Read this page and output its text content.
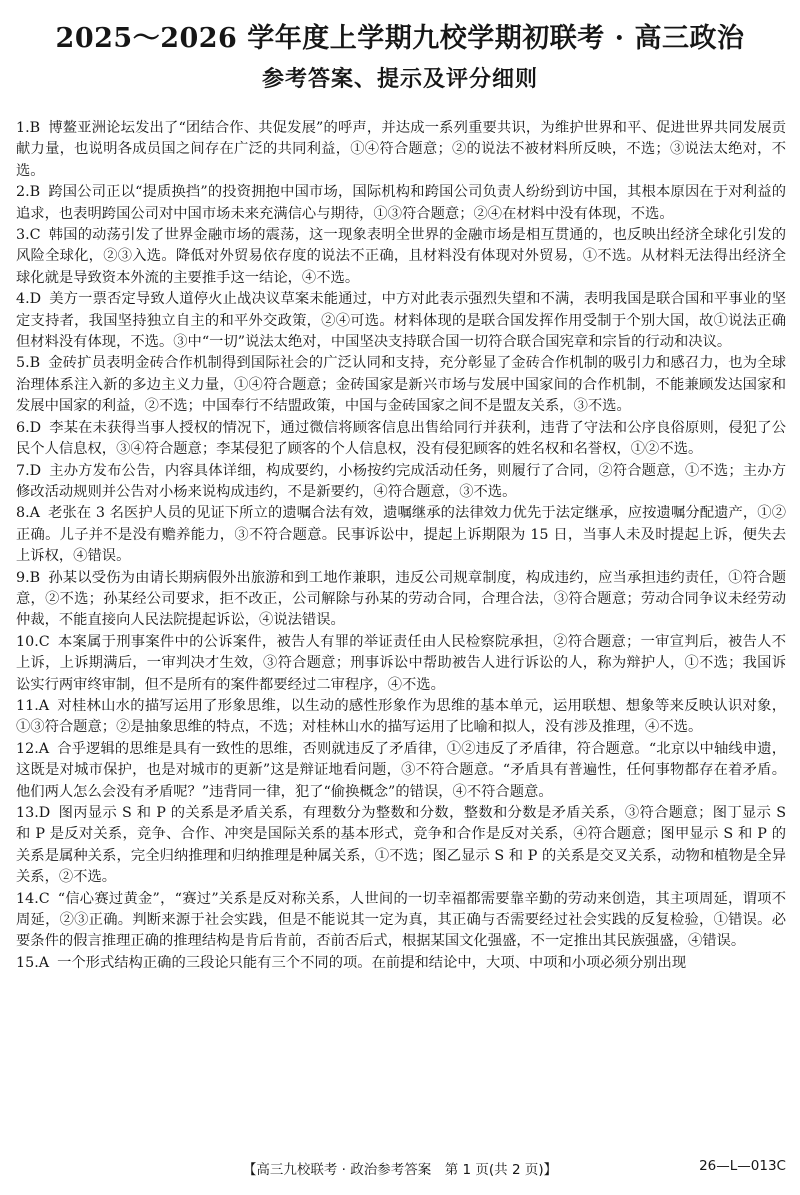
2025～2026 学年度上学期九校学期初联考 · 高三政治
参考答案、提示及评分细则

1.B 博鳌亚洲论坛发出了“团结合作、共促发展”的呼声，并达成一系列重要共识，为维护世界和平、促进世界共同发展贡献力量，也说明各成员国之间存在广泛的共同利益，①④符合题意；②的说法不被材料所反映，不选；③说法太绝对，不选。

2.B 跨国公司正以“提质换挡”的投资拥抱中国市场，国际机构和跨国公司负责人纷纷到访中国，其根本原因在于对利益的追求，也表明跨国公司对中国市场未来充满信心与期待，①③符合题意；②④在材料中没有体现，不选。

3.C 韩国的动荡引发了世界金融市场的震荡，这一现象表明全世界的金融市场是相互贯通的，也反映出经济全球化引发的风险全球化，②③入选。降低对外贸易依存度的说法不正确，且材料没有体现对外贸易，①不选。从材料无法得出经济全球化就是导致资本外流的主要推手这一结论，④不选。

4.D 美方一票否定导致人道停火止战决议草案未能通过，中方对此表示强烈失望和不满，表明我国是联合国和平事业的坚定支持者，我国坚持独立自主的和平外交政策，②④可选。材料体现的是联合国发挥作用受制于个别大国，故①说法正确但材料没有体现，不选。③中“一切”说法太绝对，中国坚决支持联合国一切符合联合国宪章和宗旨的行动和决议。

5.B 金砖扩员表明金砖合作机制得到国际社会的广泛认同和支持，充分彰显了金砖合作机制的吸引力和感召力，也为全球治理体系注入新的多边主义力量，①④符合题意；金砖国家是新兴市场与发展中国家间的合作机制，不能兼顾发达国家和发展中国家的利益，②不选；中国奉行不结盟政策，中国与金砖国家之间不是盟友关系，③不选。

6.D 李某在未获得当事人授权的情况下，通过微信将顾客信息出售给同行并获利，违背了守法和公序良俗原则，侵犯了公民个人信息权，③④符合题意；李某侵犯了顾客的个人信息权，没有侵犯顾客的姓名权和名誉权，①②不选。

7.D 主办方发布公告，内容具体详细，构成要约，小杨按约完成活动任务，则履行了合同，②符合题意，①不选；主办方修改活动规则并公告对小杨来说构成违约，不是新要约，④符合题意，③不选。

8.A 老张在 3 名医护人员的见证下所立的遗嘱合法有效，遗嘱继承的法律效力优先于法定继承，应按遗嘱分配遗产，①②正确。儿子并不是没有赡养能力，③不符合题意。民事诉讼中，提起上诉期限为 15 日，当事人未及时提起上诉，便失去上诉权，④错误。

9.B 孙某以受伤为由请长期病假外出旅游和到工地作兼职，违反公司规章制度，构成违约，应当承担违约责任，①符合题意，②不选；孙某经公司要求，拒不改正，公司解除与孙某的劳动合同，合理合法，③符合题意；劳动合同争议未经劳动仲裁，不能直接向人民法院提起诉讼，④说法错误。

10.C 本案属于刑事案件中的公诉案件，被告人有罪的举证责任由人民检察院承担，②符合题意；一审宣判后，被告人不上诉，上诉期满后，一审判决才生效，③符合题意；刑事诉讼中帮助被告人进行诉讼的人，称为辩护人，①不选；我国诉讼实行两审终审制，但不是所有的案件都要经过二审程序，④不选。

11.A 对桂林山水的描写运用了形象思维，以生动的感性形象作为思维的基本单元，运用联想、想象等来反映认识对象，①③符合题意；②是抽象思维的特点，不选；对桂林山水的描写运用了比喻和拟人，没有涉及推理，④不选。

12.A 合乎逻辑的思维是具有一致性的思维，否则就违反了矛盾律，①②违反了矛盾律，符合题意。“北京以中轴线申遗，这既是对城市保护，也是对城市的更新”这是辩证地看问题，③不符合题意。“矛盾具有普遍性，任何事物都存在着矛盾。他们两人怎么会没有矛盾呢？”违背同一律，犯了“偷换概念”的错误，④不符合题意。

13.D 图丙显示 S 和 P 的关系是矛盾关系，有理数分为整数和分数，整数和分数是矛盾关系，③符合题意；图丁显示 S 和 P 是反对关系，竞争、合作、冲突是国际关系的基本形式，竞争和合作是反对关系，④符合题意；图甲显示 S 和 P 的关系是属种关系，完全归纳推理和归纳推理是种属关系，①不选；图乙显示 S 和 P 的关系是交叉关系，动物和植物是全异关系，②不选。

14.C “信心赛过黄金”，“赛过”关系是反对称关系，人世间的一切幸福都需要靠辛勤的劳动来创造，其主项周延，谓项不周延，②③正确。判断来源于社会实践，但是不能说其一定为真，其正确与否需要经过社会实践的反复检验，①错误。必要条件的假言推理正确的推理结构是肯后肯前，否前否后式，根据某国文化强盛，不一定推出其民族强盛，④错误。

15.A 一个形式结构正确的三段论只能有三个不同的项。在前提和结论中，大项、中项和小项必须分别出现

【高三九校联考 · 政治参考答案　第 1 页(共 2 页)】	26—L—013C
